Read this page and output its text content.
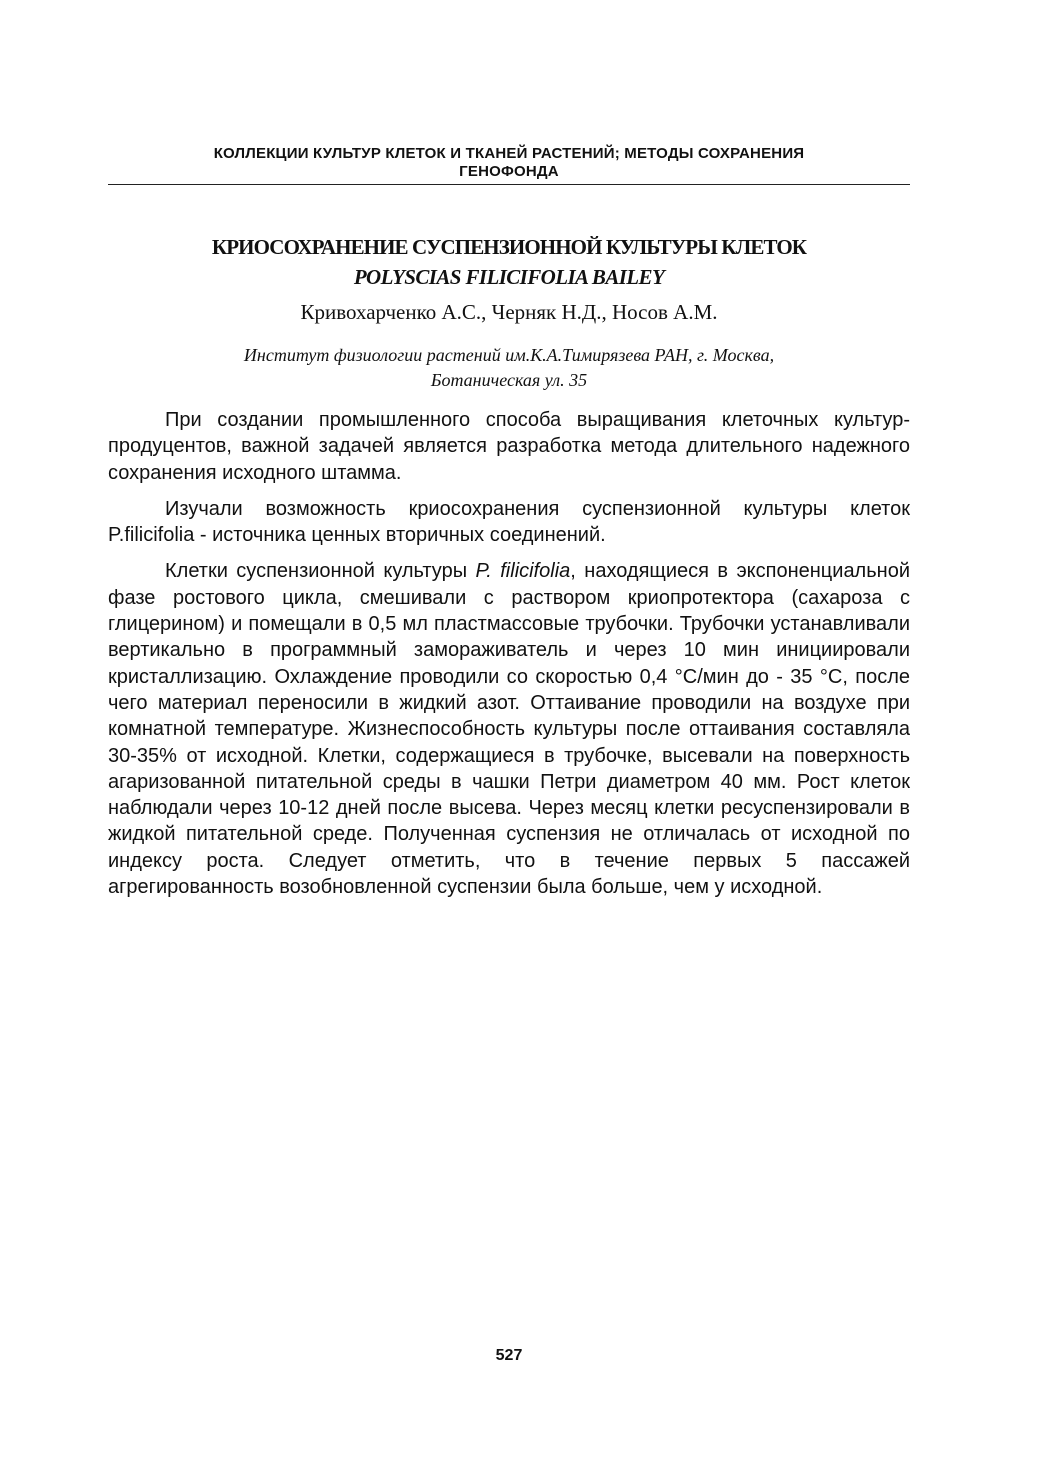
КОЛЛЕКЦИИ КУЛЬТУР КЛЕТОК И ТКАНЕЙ РАСТЕНИЙ; МЕТОДЫ СОХРАНЕНИЯ
ГЕНОФОНДА
КРИОСОХРАНЕНИЕ СУСПЕНЗИОННОЙ КУЛЬТУРЫ КЛЕТОК
POLYSCIAS FILICIFOLIA BAILEY
Кривохарченко А.С., Черняк Н.Д., Носов А.М.
Институт физиологии растений им.К.А.Тимирязева РАН, г. Москва,
Ботаническая ул. 35

При создании промышленного способа выращивания клеточных культур-продуцентов, важной задачей является разработка метода длительного надежного сохранения исходного штамма.

Изучали возможность криосохранения суспензионной культуры клеток P.filicifolia - источника ценных вторичных соединений.

Клетки суспензионной культуры P. filicifolia, находящиеся в экспоненциальной фазе ростового цикла, смешивали с раствором криопротектора (сахароза с глицерином) и помещали в 0,5 мл пластмассовые трубочки. Трубочки устанавливали вертикально в программный замораживатель и через 10 мин инициировали кристаллизацию. Охлаждение проводили со скоростью 0,4 °С/мин до - 35 °С, после чего материал переносили в жидкий азот. Оттаивание проводили на воздухе при комнатной температуре. Жизнеспособность культуры после оттаивания составляла 30-35% от исходной. Клетки, содержащиеся в трубочке, высевали на поверхность агаризованной питательной среды в чашки Петри диаметром 40 мм. Рост клеток наблюдали через 10-12 дней после высева. Через месяц клетки ресуспензировали в жидкой питательной среде. Полученная суспензия не отличалась от исходной по индексу роста. Следует отметить, что в течение первых 5 пассажей агрегированность возобновленной суспензии была больше, чем у исходной.

527
